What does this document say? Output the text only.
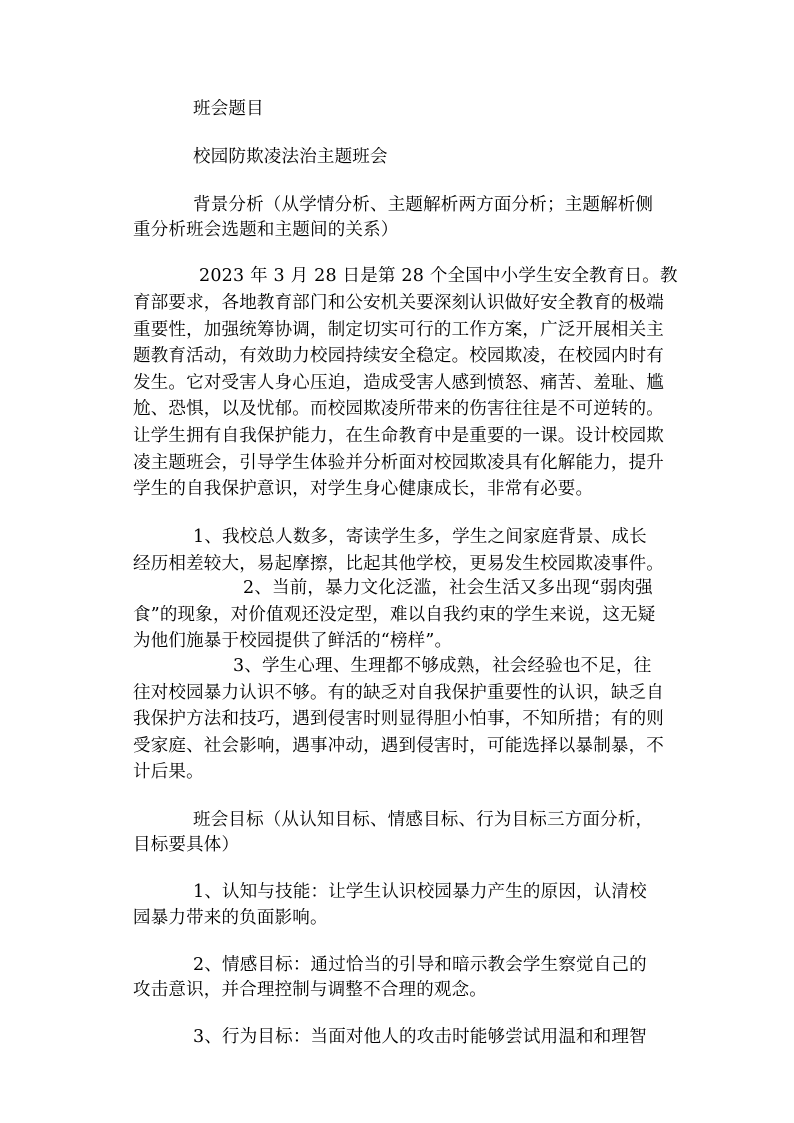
班会题目
校园防欺凌法治主题班会
背景分析（从学情分析、主题解析两方面分析；主题解析侧
重分析班会选题和主题间的关系）
2023 年 3 月 28 日是第 28 个全国中小学生安全教育日。教
育部要求，各地教育部门和公安机关要深刻认识做好安全教育的极端
重要性，加强统筹协调，制定切实可行的工作方案，广泛开展相关主
题教育活动，有效助力校园持续安全稳定。校园欺凌，在校园内时有
发生。它对受害人身心压迫，造成受害人感到愤怒、痛苦、羞耻、尴
尬、恐惧，以及忧郁。而校园欺凌所带来的伤害往往是不可逆转的。
让学生拥有自我保护能力，在生命教育中是重要的一课。设计校园欺
凌主题班会，引导学生体验并分析面对校园欺凌具有化解能力，提升
学生的自我保护意识，对学生身心健康成长，非常有必要。
1、我校总人数多，寄读学生多，学生之间家庭背景、成长
经历相差较大，易起摩擦，比起其他学校，更易发生校园欺凌事件。
2、当前，暴力文化泛滥，社会生活又多出现“弱肉强
食”的现象，对价值观还没定型，难以自我约束的学生来说，这无疑
为他们施暴于校园提供了鲜活的“榜样”。
3、学生心理、生理都不够成熟，社会经验也不足，往
往对校园暴力认识不够。有的缺乏对自我保护重要性的认识，缺乏自
我保护方法和技巧，遇到侵害时则显得胆小怕事，不知所措；有的则
受家庭、社会影响，遇事冲动，遇到侵害时，可能选择以暴制暴，不
计后果。
班会目标（从认知目标、情感目标、行为目标三方面分析，
目标要具体）
1、认知与技能：让学生认识校园暴力产生的原因，认清校
园暴力带来的负面影响。
2、情感目标：通过恰当的引导和暗示教会学生察觉自己的
攻击意识，并合理控制与调整不合理的观念。
3、行为目标：当面对他人的攻击时能够尝试用温和和理智
